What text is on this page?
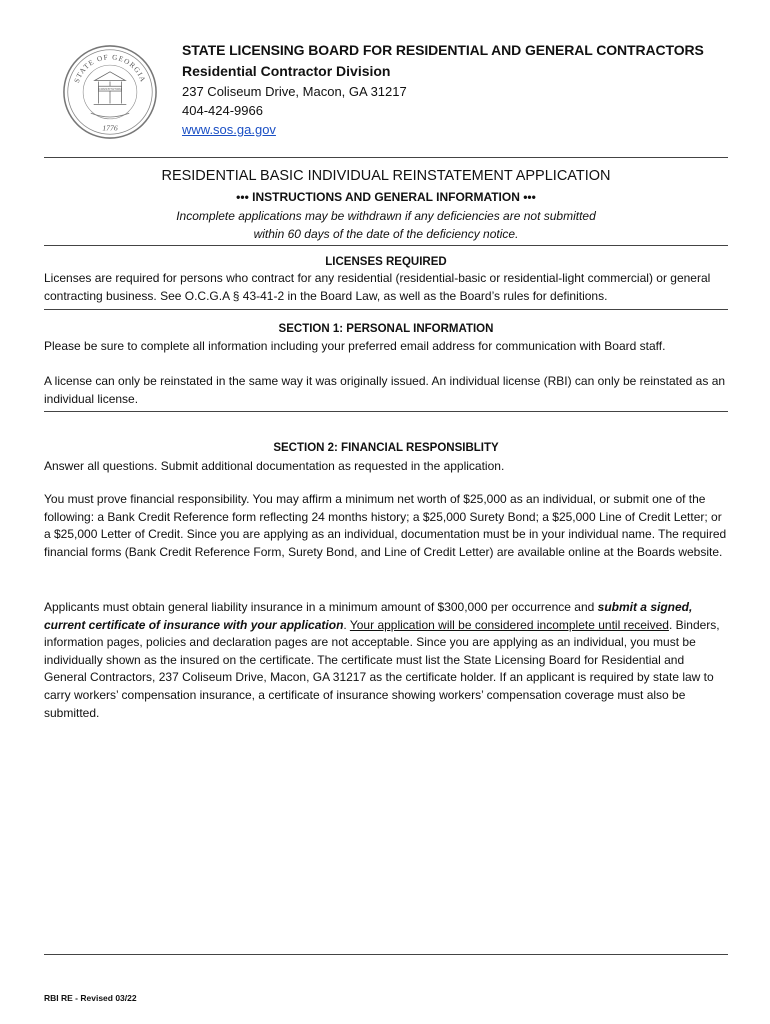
STATE OF GEORGIA
CONSTITUTION
1776
STATE LICENSING BOARD FOR RESIDENTIAL AND GENERAL CONTRACTORS
Residential Contractor Division
237 Coliseum Drive, Macon, GA 31217
404-424-9966
www.sos.ga.gov
RESIDENTIAL BASIC INDIVIDUAL REINSTATEMENT APPLICATION
••• INSTRUCTIONS AND GENERAL INFORMATION •••
Incomplete applications may be withdrawn if any deficiencies are not submitted
within 60 days of the date of the deficiency notice.
LICENSES REQUIRED
Licenses are required for persons who contract for any residential (residential-basic or residential-light commercial) or general contracting business. See O.C.G.A § 43-41-2 in the Board Law, as well as the Board’s rules for definitions.
SECTION 1: PERSONAL INFORMATION
Please be sure to complete all information including your preferred email address for communication with Board staff.
A license can only be reinstated in the same way it was originally issued. An individual license (RBI) can only be reinstated as an individual license.
SECTION 2: FINANCIAL RESPONSIBLITY
Answer all questions. Submit additional documentation as requested in the application.
You must prove financial responsibility. You may affirm a minimum net worth of $25,000 as an individual, or submit one of the following: a Bank Credit Reference form reflecting 24 months history; a $25,000 Surety Bond; a $25,000 Line of Credit Letter; or a $25,000 Letter of Credit. Since you are applying as an individual, documentation must be in your individual name. The required financial forms (Bank Credit Reference Form, Surety Bond, and Line of Credit Letter) are available online at the Boards website.
Applicants must obtain general liability insurance in a minimum amount of $300,000 per occurrence and submit a signed, current certificate of insurance with your application. Your application will be considered incomplete until received. Binders, information pages, policies and declaration pages are not acceptable. Since you are applying as an individual, you must be individually shown as the insured on the certificate. The certificate must list the State Licensing Board for Residential and General Contractors, 237 Coliseum Drive, Macon, GA 31217 as the certificate holder. If an applicant is required by state law to carry workers’ compensation insurance, a certificate of insurance showing workers’ compensation coverage must also be submitted.
RBI RE - Revised 03/22
